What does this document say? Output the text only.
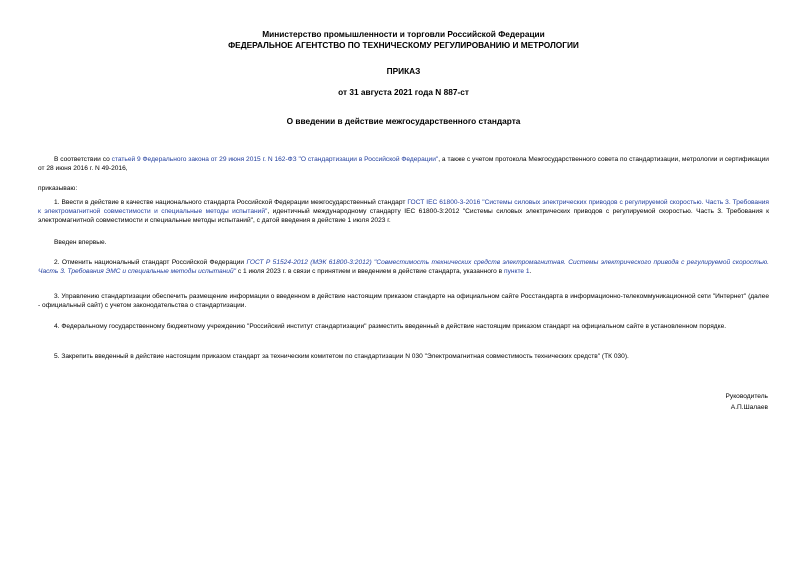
Министерство промышленности и торговли Российской Федерации
ФЕДЕРАЛЬНОЕ АГЕНТСТВО ПО ТЕХНИЧЕСКОМУ РЕГУЛИРОВАНИЮ И МЕТРОЛОГИИ
ПРИКАЗ
от 31 августа 2021 года N 887-ст
О введении в действие межгосударственного стандарта
В соответствии со статьей 9 Федерального закона от 29 июня 2015 г. N 162-ФЗ "О стандартизации в Российской Федерации", а также с учетом протокола Межгосударственного совета по стандартизации, метрологии и сертификации от 28 июня 2016 г. N 49-2016,
приказываю:
1. Ввести в действие в качестве национального стандарта Российской Федерации межгосударственный стандарт ГОСТ IEC 61800-3-2016 "Системы силовых электрических приводов с регулируемой скоростью. Часть 3. Требования к электромагнитной совместимости и специальные методы испытаний", идентичный международному стандарту IEC 61800-3:2012 "Системы силовых электрических приводов с регулируемой скоростью. Часть 3. Требования к электромагнитной совместимости и специальные методы испытаний", с датой введения в действие 1 июля 2023 г.
Введен впервые.
2. Отменить национальный стандарт Российской Федерации ГОСТ Р 51524-2012 (МЭК 61800-3:2012) "Совместимость технических средств электромагнитная. Системы электрического привода с регулируемой скоростью. Часть 3. Требования ЭМС и специальные методы испытаний" с 1 июля 2023 г. в связи с принятием и введением в действие стандарта, указанного в пункте 1.
3. Управлению стандартизации обеспечить размещение информации о введенном в действие настоящим приказом стандарте на официальном сайте Росстандарта в информационно-телекоммуникационной сети "Интернет" (далее - официальный сайт) с учетом законодательства о стандартизации.
4. Федеральному государственному бюджетному учреждению "Российский институт стандартизации" разместить введенный в действие настоящим приказом стандарт на официальном сайте в установленном порядке.
5. Закрепить введенный в действие настоящим приказом стандарт за техническим комитетом по стандартизации N 030 "Электромагнитная совместимость технических средств" (ТК 030).
Руководитель
А.П.Шалаев
